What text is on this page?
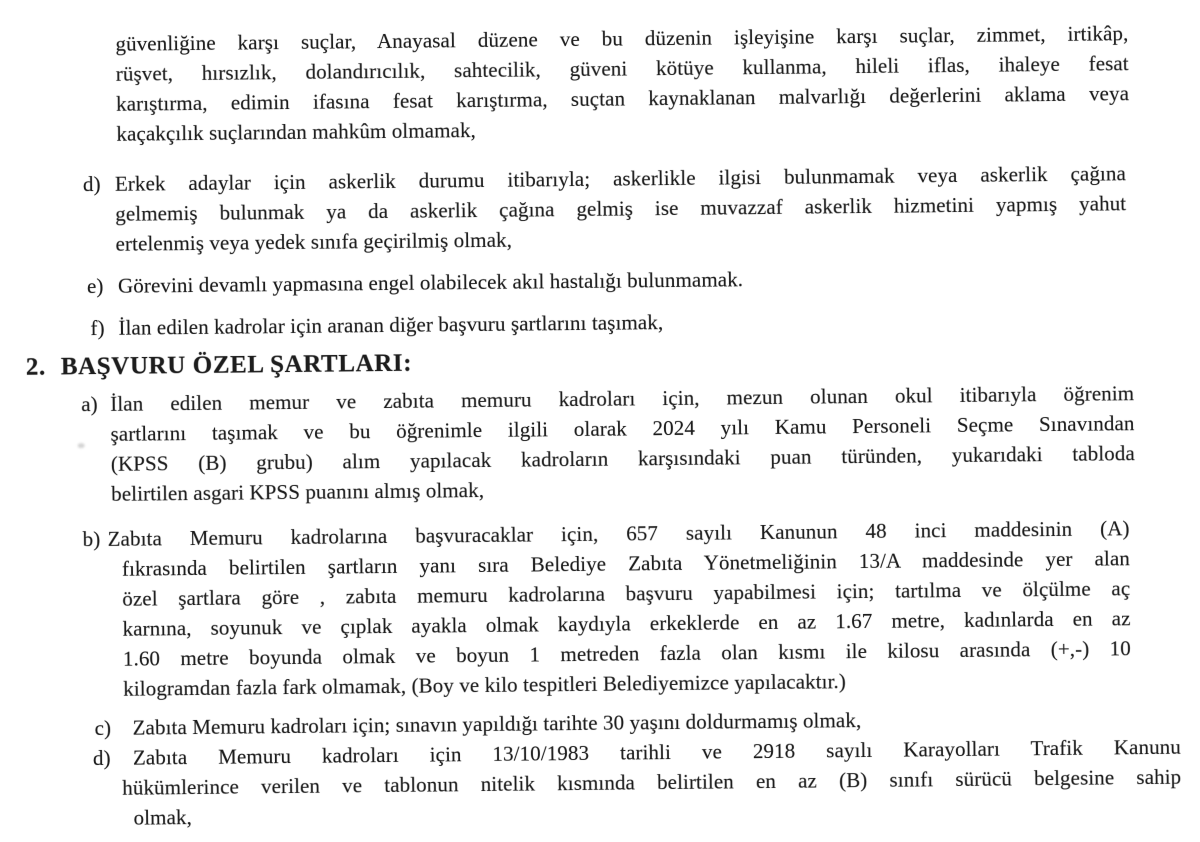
güvenliğine karşı suçlar, Anayasal düzene ve bu düzenin işleyişine karşı suçlar, zimmet, irtikâp,
rüşvet, hırsızlık, dolandırıcılık, sahtecilik, güveni kötüye kullanma, hileli iflas, ihaleye fesat
karıştırma, edimin ifasına fesat karıştırma, suçtan kaynaklanan malvarlığı değerlerini aklama veya
kaçakçılık suçlarından mahkûm olmamak,
d) Erkek adaylar için askerlik durumu itibarıyla; askerlikle ilgisi bulunmamak veya askerlik çağına
gelmemiş bulunmak ya da askerlik çağına gelmiş ise muvazzaf askerlik hizmetini yapmış yahut
ertelenmiş veya yedek sınıfa geçirilmiş olmak,
e) Görevini devamlı yapmasına engel olabilecek akıl hastalığı bulunmamak.
f) İlan edilen kadrolar için aranan diğer başvuru şartlarını taşımak,
2. BAŞVURU ÖZEL ŞARTLARI:
a) İlan edilen memur ve zabıta memuru kadroları için, mezun olunan okul itibarıyla öğrenim
şartlarını taşımak ve bu öğrenimle ilgili olarak 2024 yılı Kamu Personeli Seçme Sınavından
(KPSS (B) grubu) alım yapılacak kadroların karşısındaki puan türünden, yukarıdaki tabloda
belirtilen asgari KPSS puanını almış olmak,
b) Zabıta Memuru kadrolarına başvuracaklar için, 657 sayılı Kanunun 48 inci maddesinin (A)
fıkrasında belirtilen şartların yanı sıra Belediye Zabıta Yönetmeliğinin 13/A maddesinde yer alan
özel şartlara göre , zabıta memuru kadrolarına başvuru yapabilmesi için; tartılma ve ölçülme aç
karnına, soyunuk ve çıplak ayakla olmak kaydıyla erkeklerde en az 1.67 metre, kadınlarda en az
1.60 metre boyunda olmak ve boyun 1 metreden fazla olan kısmı ile kilosu arasında (+,-) 10
kilogramdan fazla fark olmamak, (Boy ve kilo tespitleri Belediyemizce yapılacaktır.)
c) Zabıta Memuru kadroları için; sınavın yapıldığı tarihte 30 yaşını doldurmamış olmak,
d) Zabıta Memuru kadroları için 13/10/1983 tarihli ve 2918 sayılı Karayolları Trafik Kanunu
hükümlerince verilen ve tablonun nitelik kısmında belirtilen en az (B) sınıfı sürücü belgesine sahip
olmak,
